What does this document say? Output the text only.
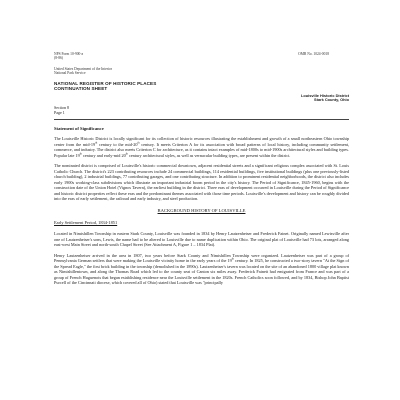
NPS Form 10-900-a
(8-86)
OMB No. 1024-0018
United States Department of the Interior
National Park Service
NATIONAL REGISTER OF HISTORIC PLACES
CONTINUATION SHEET
Louisville Historic District
Stark County, Ohio
Section 8
Page 1
Statement of Significance

The Louisville Historic District is locally significant for its collection of historic resources illustrating the establishment and growth of a small northeastern Ohio township center from the mid-19th century to the mid-20th century. It meets Criterion A for its association with broad patterns of local history, including community settlement, commerce, and industry. The district also meets Criterion C for architecture, as it contains intact examples of mid-1800s to mid-1900s architectural styles and building types. Popular late 19th century and early-mid 20th century architectural styles, as well as vernacular building types, are present within the district.

The nominated district is comprised of Louisville's historic commercial downtown, adjacent residential streets and a significant religious complex associated with St. Louis Catholic Church. The district's 223 contributing resources include 24 commercial buildings, 114 residential buildings, five institutional buildings (plus one previously-listed church building), 2 industrial buildings, 77 contributing garages, and one contributing structure. In addition to prominent residential neighborhoods, the district also includes early 1900s working-class subdivisions which illustrate an important industrial boom period in the city's history. The Period of Significance, 1845-1960, begins with the construction date of the Union Hotel (Vignos Tavern), the earliest building in the district. Three eras of development occurred in Louisville during the Period of Significance and historic district properties reflect these eras and the predominant themes associated with those time periods. Louisville's development and history can be roughly divided into the eras of early settlement, the railroad and early industry, and steel production.

BACKGROUND HISTORY OF LOUISVILLE
Early Settlement Period, 1834-1851

Located in Nimishillen Township in eastern Stark County, Louisville was founded in 1834 by Henry Lautzenheiser and Frederick Fainet. Originally named Lewisville after one of Lautzenheiser's sons, Lewis, the name had to be altered to Louisville due to name duplication within Ohio. The original plat of Louisville had 73 lots, arranged along east-west Main Street and north-south Chapel Street (See Attachment A, Figure 1 – 1834 Plat).

Henry Lautzenheiser arrived in the area in 1807, two years before Stark County and Nimishillen Township were organized. Lautzenheiser was part of a group of Pennsylvania German settlers that were making the Louisville vicinity home in the early years of the 19th century. In 1825, he constructed a two-story tavern "At the Sign of the Spread Eagle," the first brick building in the township (demolished in the 1890s). Lautzenheiser's tavern was located on the site of an abandoned 1800 village plat known as Nimishillentown, and along the Thomas Road which led to the county seat of Canton six miles away. Frederick Faineit had emigrated from France and was part of a group of French Huguenots that began establishing residence near the Louisville settlement in the 1820s. French Catholics soon followed, and by 1834, Bishop John Baptist Purcell of the Cincinnati diocese, which covered all of Ohio) stated that Louisville was "principally
